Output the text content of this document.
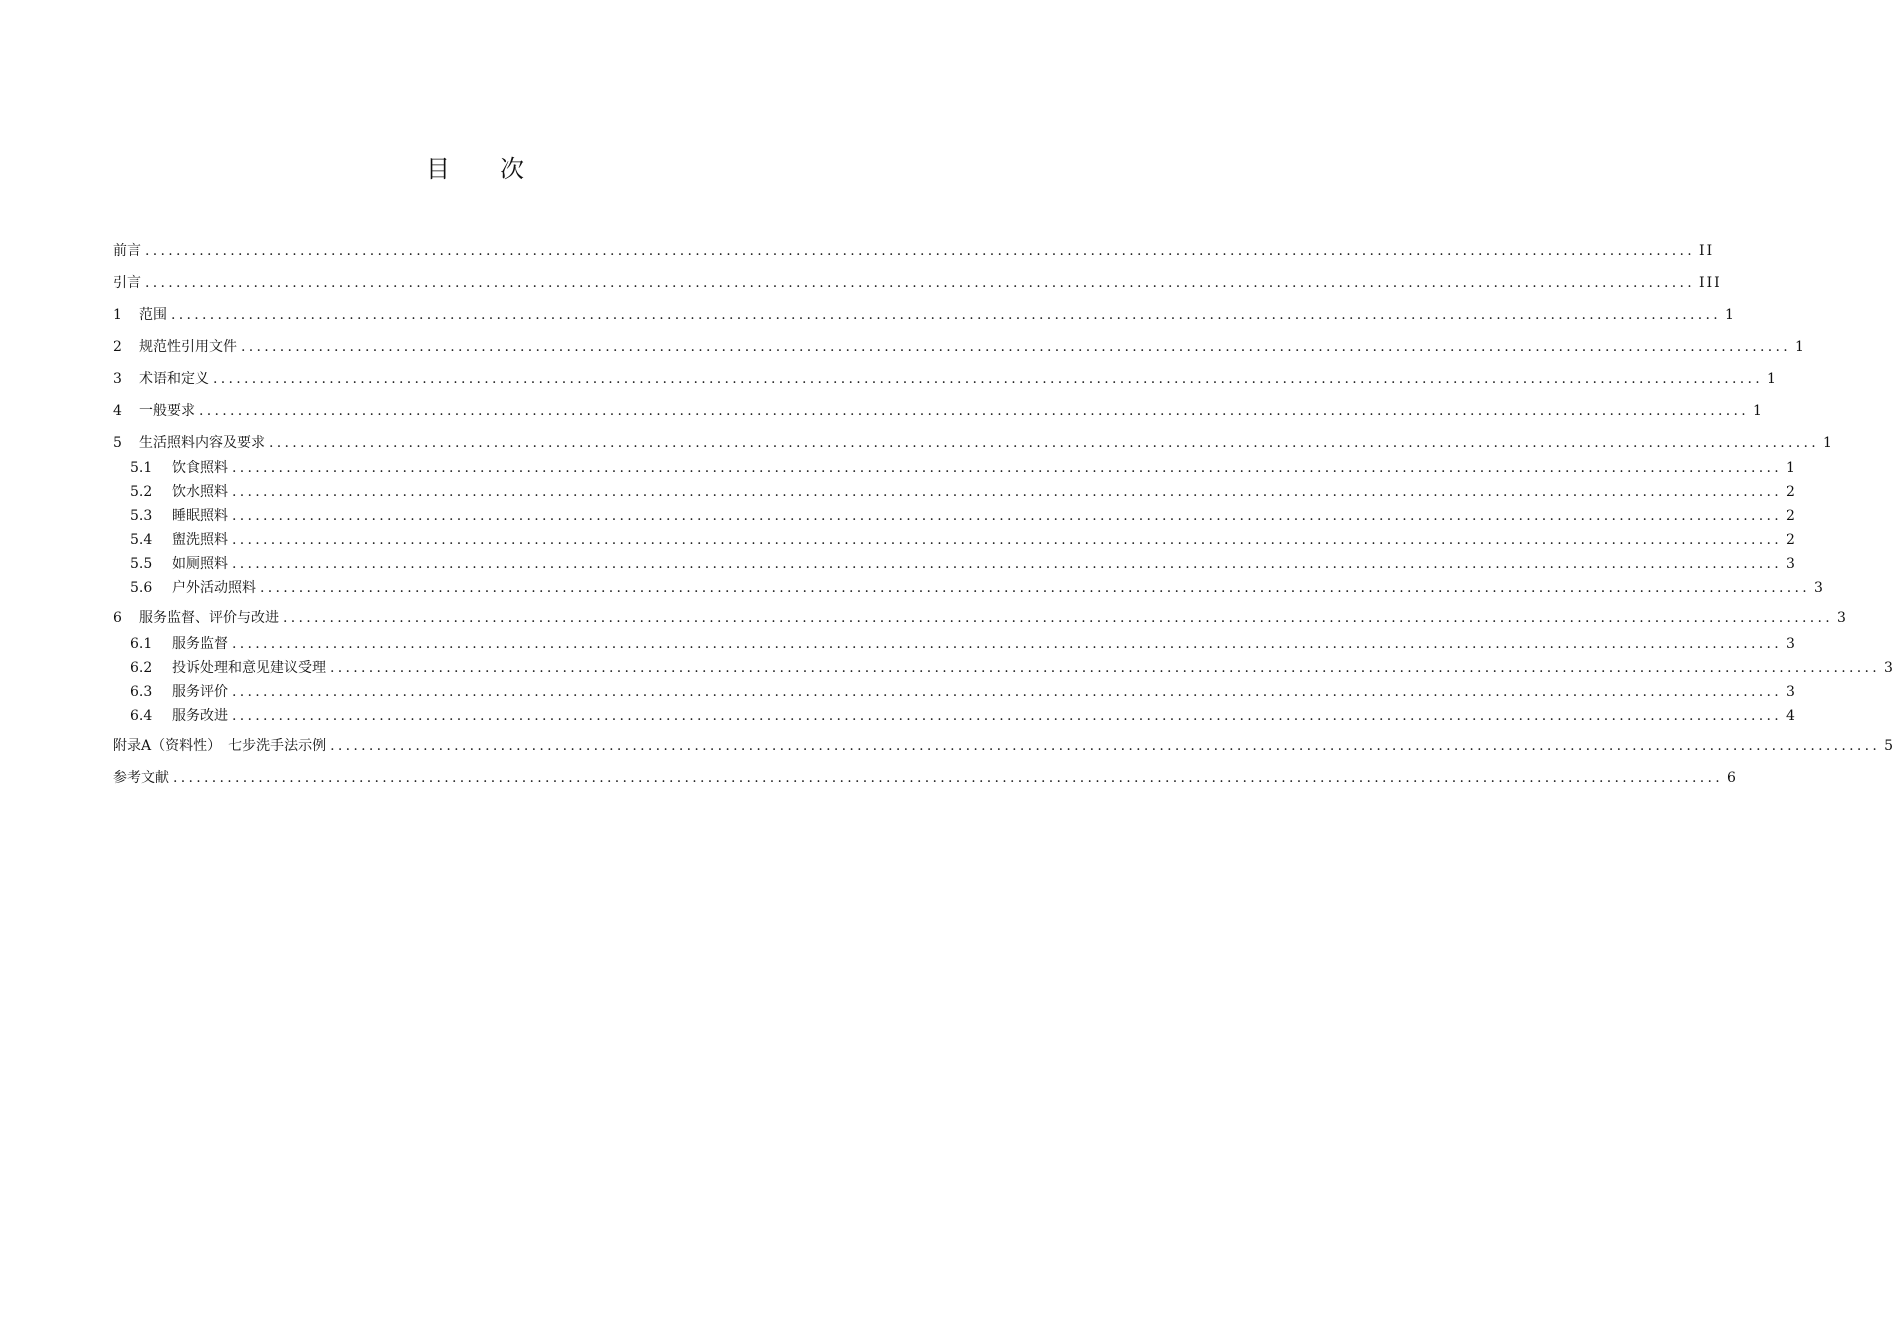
目次
前言 ........................................................................................................................................................................................................ II
引言 ........................................................................................................................................................................................................ III
1	范围 ........................................................................................................................................................................................................ 1
2	规范性引用文件 ........................................................................................................................................................................................................ 1
3	术语和定义 ........................................................................................................................................................................................................ 1
4	一般要求 ........................................................................................................................................................................................................ 1
5	生活照料内容及要求 ........................................................................................................................................................................................................ 1
5.1	饮食照料 ........................................................................................................................................................................................................ 1
5.2	饮水照料 ........................................................................................................................................................................................................ 2
5.3	睡眠照料 ........................................................................................................................................................................................................ 2
5.4	盥洗照料 ........................................................................................................................................................................................................ 2
5.5	如厕照料 ........................................................................................................................................................................................................ 3
5.6	户外活动照料 ........................................................................................................................................................................................................ 3
6	服务监督、评价与改进 ........................................................................................................................................................................................................ 3
6.1	服务监督 ........................................................................................................................................................................................................ 3
6.2	投诉处理和意见建议受理 ........................................................................................................................................................................................................ 3
6.3	服务评价 ........................................................................................................................................................................................................ 3
6.4	服务改进 ........................................................................................................................................................................................................ 4
附录A（资料性）　七步洗手法示例 ........................................................................................................................................................................................................ 5
参考文献 ........................................................................................................................................................................................................ 6
